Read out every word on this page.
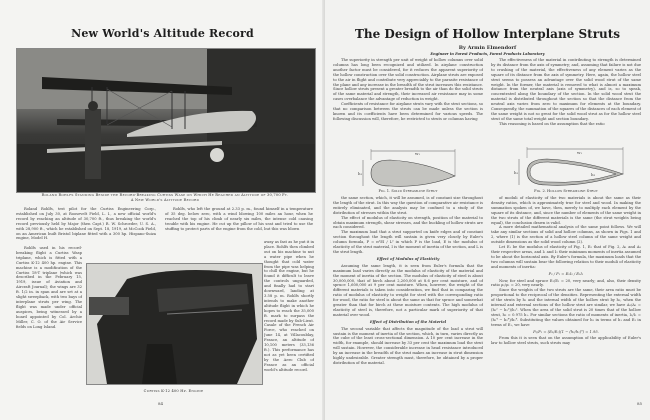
New World's Altitude Record
Roland Rohlfs Standing Beside the Record-Breaking Curtiss Wasp on Which He Reached an Altitude of 30,700 Ft.
A New World's Altitude Record

Roland Rohlfs, test pilot for the Curtiss Engineering Corp., established on July 30, at Roosevelt Field, L. I., a new official world's record by reaching an altitude of 30,700 ft., thus breaking the world's record previously held by Major (then Capt.) R. W. Schroeder, U. S. A., with 28,900 ft., which he established on Sept. 18, 1919, at McCook Field, on an American built Bristol biplane fitted with a 300 hp. Hispano-Suiza engine, Model H.

Rohlfs used in his record-breaking flight a Curtiss Wasp triplane, which is fitted with a Curtiss K-12 400 hp. engine. This machine is a modification of the Curtiss 18-T triplane (which was described in the February 15, 1919, issue of Aviation and Aircraft Journal); the wings are 32 ft. 1/2 in. in span and are set at a slight sweepback, with two bays of interplane struts per wing. The flight was made under official auspices, being witnessed by a board appointed by Col. Archie Miller, C. O. of the Air Service fields on Long Island.

Rohlfs, who left the ground at 2.33 p. m., found himself in a temperature of 35 deg. below zero, with a wind blowing 100 miles an hour, when he reached the top of his climb of nearly six miles, the intense cold causing trouble with his engine. He cut up the pillow of his seat and tried to use the stuffing to protect parts of the engine from the cold, but this was blown

away as fast as he put it in place. Rohlfs then climbed out on his machine to nut a water pipe when he thought that cold water from the pipe was helping to chill the engine, but he found it difficult to leave the controls unguarded, and finally had to start downward, landing at 3.58 p. m. Rohlfs shortly intends to make another altitude flight in which he hopes to reach the 35,000 ft. mark to surpass the record made by Sub-Lieut. Casale of the French Air Force, who reached on June 14, at Villacoublay, France, an altitude of 10,100 meters (33,136 ft.). This performance has not as yet been certified by the Aero Club of France as an official world's altitude record.

Curtiss K-12 400 Hp. Engine
84
The Design of Hollow Interplane Struts
By Armin Elmendorf
Engineer in Forest Products, Forest Products Laboratory

The superiority in strength per unit of weight of hollow columns over solid columns has long been recognized and utilized. In airplane construction another factor must be considered, for it reduces the apparent superiority of the hollow construction over the solid construction. Airplane struts are exposed to the air in flight and contribute very appreciably to the parasite resistance of the plane and any increase in the breadth of the strut increases this resistance. Since hollow struts present a greater breadth to the air than do the solid struts of the same material and strength, their increased air resistance may in some cases overbalance the advantage of reduction in weight.

Coefficients of resistance for airplane struts vary with the strut sections, so that no comparison between the struts can be made unless the section is known and its coefficients have been determined for various speeds. The following discussion will, therefore, be restricted to struts or columns having

The effectiveness of the material in contributing to strength is determined by its distance from the axis of symmetry; and, assuming that failure is not due to crushing of the material, the effectiveness of any element varies as the square of its distance from the axis of symmetry. Here, again, the hollow steel strut seems to possess an advantage over the solid wood strut of the same weight. In the former, the material is removed to what is almost a maximum distance from the neutral axis (axis of symmetry), and is, so to speak, concentrated along the boundary of the section. In the solid wood strut the material is distributed throughout the section so that the distance from the neutral axis varies from zero to maximum for elements at the boundary. Consequently, the summation of the squares of the distances of each element of the same weight is not so great for the solid wood strut as for the hollow steel strut of the same total weight and section boundary.

This reasoning is based on the assumption that the ratio

w₁
h₁
Fig. 1. Solid Streamline Strut
w₁
h₁	h₂
Fig. 2. Hollow Streamline Strut

the same section, which, it will be assumed, is of constant size throughout the length of the strut. In this way the question of comparative air resistance is entirely eliminated, and the analysis may be confined to a study of the distribution of stresses within the strut.

The effect of modulus of elasticity on strength, position of the material to obtain maximum strength, shear stresses, and the buckling of hollow struts are each considered.

The maximum load that a strut supported on knife edges and of constant section throughout the length will sustain is given very closely by Euler's column formula, P = π²EI / L² in which P is the load, E is the modulus of elasticity of the strut material, I is the moment of inertia of the section, and L is the strut length.

Effect of Modulus of Elasticity

Assuming the same length, it is seen from Euler's formula that the maximum load varies directly as the modulus of elasticity of the material and the moment of inertia of the section. The modulus of elasticity of steel is about 30,000,000, that of birch about 2,200,000 at 8.6 per cent moisture, and of spruce 1,600,000 at 9 per cent moisture. When, however, the weight of the different materials is taken into consideration, we find that in comparing the ratio of modulus of elasticity to weight for steel with the corresponding ratio for wood, the ratio for steel is about the same as that for spruce and somewhat greater than that for birch at these moisture contents. The high modulus of elasticity of steel is, therefore, not a particular mark of superiority of that material over wood.

Effect of Distribution of the Material

The second variable that affects the magnitude of the load a strut will sustain is the moment of inertia of the section, which, in turn, varies directly as the cube of the least cross-sectional dimension. A 10 per cent increase in the width, for example, should increase by 33 per cent the maximum load the strut will sustain. However, the considerable increase in head resistance introduced by an increase in the breadth of the strut makes an increase in strut dimension highly undesirable. Greater strength must, therefore, be obtained by a proper distribution of the material.

of moduli of elasticity of the two materials is about the same as their density ratios, which is approximately true for steel and wood. In making the summation spoken of, we have, then, merely to multiply each element by the square of its distance, and, since the number of elements of the same weight in the two struts of the different materials is the same (the strut weights being equal), the conclusion drawn is valid.

A more detailed mathematical analysis of the same point follows. We will take any similar sections of solid and hollow columns, as shown in Figs. 1 and 2, where (1) is the section of a hollow steel column of the same weight and outside dimensions as the solid wood column (2).

Let E₁ be the modulus of elasticity of Fig. 1, E₂ that of Fig. 2, A₁ and A₂ their respective areas, and I₁ and I₂ their minimum moments of inertia assumed to be about the horizontal axis. By Euler's formula, the maximum loads that the two columns will sustain bear the following relation to their moduli of elasticity and moments of inertia:

P₂ / P₁ = E₂I₂ / E₁I₁

Now, for steel and spruce E₂/E₁ = 20, very nearly; and, also, their density ratio ρ₂/ρ₁ = 20, very nearly.

Since the weights of the two struts are the same, their area ratio must be proportional to the reciprocal of the densities. Representing the external width of the struts by h₁ and the internal width of the hollow strut by h₂, when the internal and external sections of the hollow strut are similar, we have A₂/A₁ = (h₁² − h₂²)/h₁². When the area of the solid strut is 20 times that of the hollow strut, h₂ = 0.975 h₁. For similar sections the ratio of moments of inertia, I₂/I₁ = (h₁⁴ − h₂⁴)/h₁⁴. Substituting the values obtained for h₂ in terms of h₁ and E₂ in terms of E₁, we have

P₂/P₁ = (E₂/E₁)(1 − (h₂/h₁)⁴) = 1.95.

From this it is seen that on the assumption of the applicability of Euler's law to hollow steel struts, such struts may

85
